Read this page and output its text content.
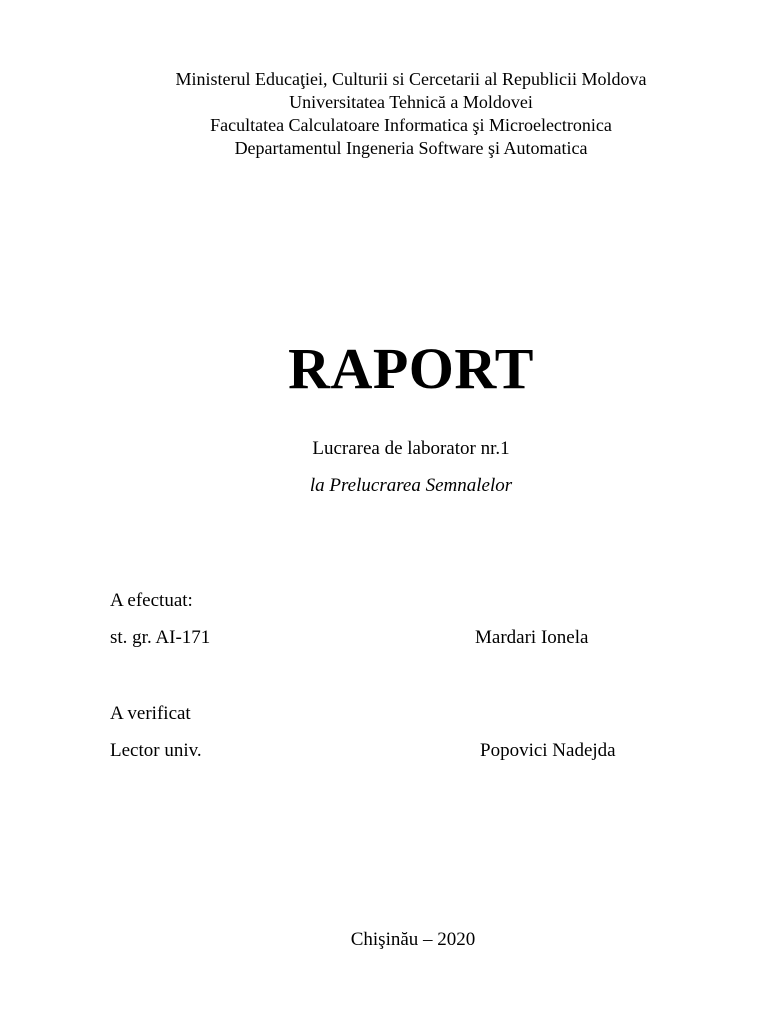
Ministerul Educaţiei, Culturii si Cercetarii al Republicii Moldova
Universitatea Tehnică a Moldovei
Facultatea Calculatoare Informatica şi Microelectronica
Departamentul Ingeneria Software şi Automatica
RAPORT
Lucrarea de laborator nr.1
la Prelucrarea Semnalelor
A efectuat:
st. gr. AI-171	Mardari Ionela
A verificat
Lector univ.	Popovici Nadejda
Chişinău – 2020
